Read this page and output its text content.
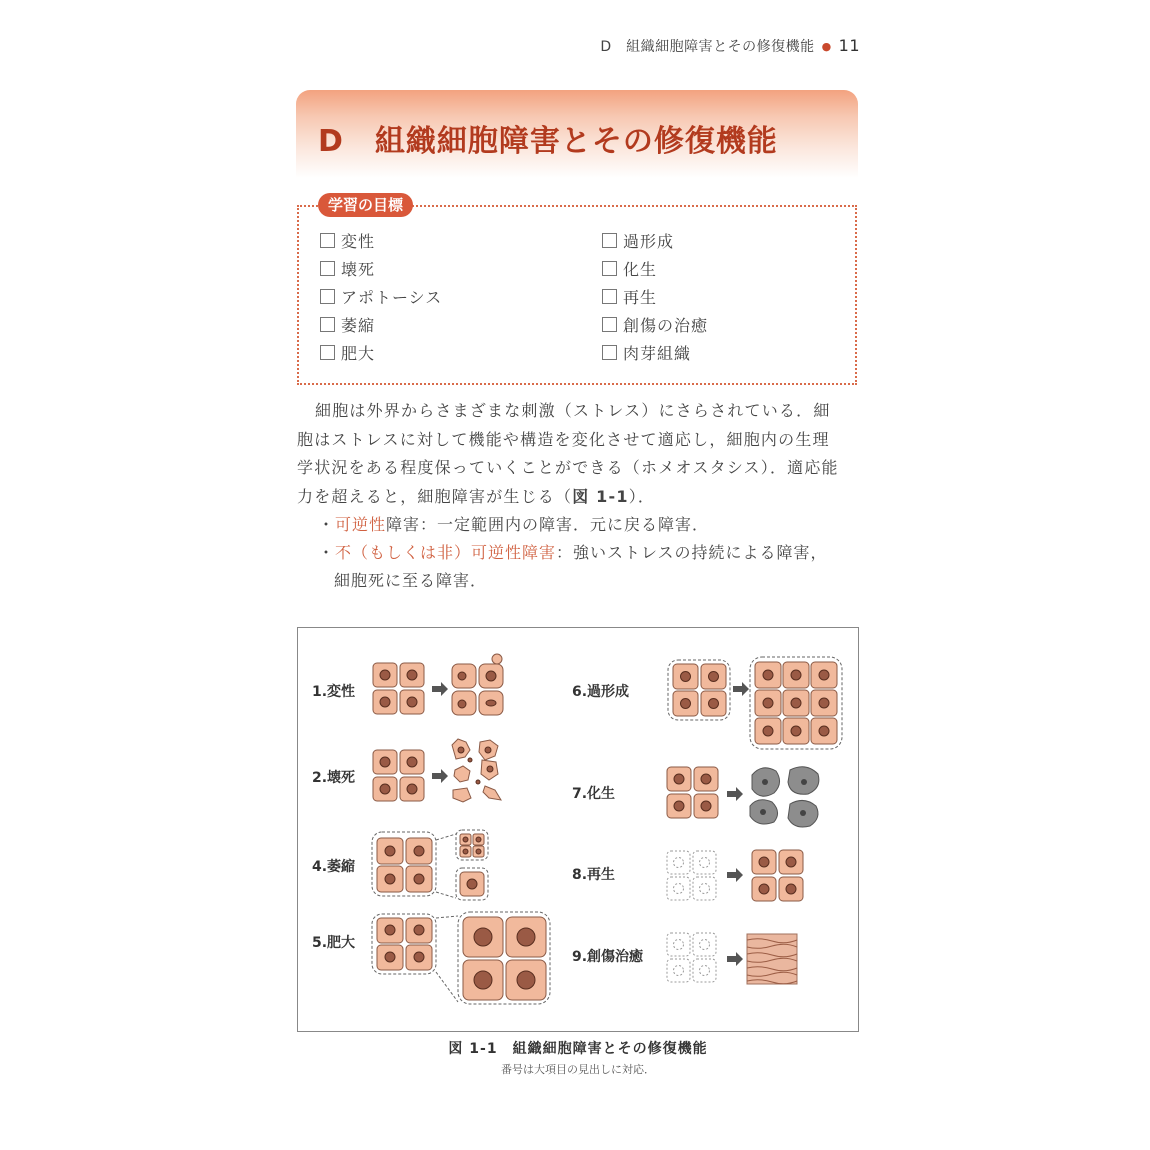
D　組織細胞障害とその修復機能 ● 11
D　組織細胞障害とその修復機能
学習の目標
変性
壊死
アポトーシス
萎縮
肥大
過形成
化生
再生
創傷の治癒
肉芽組織
細胞は外界からさまざまな刺激（ストレス）にさらされている．細
胞はストレスに対して機能や構造を変化させて適応し，細胞内の生理
学状況をある程度保っていくことができる（ホメオスタシス）．適応能
力を超えると，細胞障害が生じる（図 1-1）．
・可逆性障害：一定範囲内の障害．元に戻る障害．
・不（もしくは非）可逆性障害：強いストレスの持続による障害，
細胞死に至る障害．
1.変性
2.壊死
4.萎縮
5.肥大
6.過形成
7.化生
8.再生
9.創傷治癒
図 1-1　組織細胞障害とその修復機能
番号は大項目の見出しに対応．
